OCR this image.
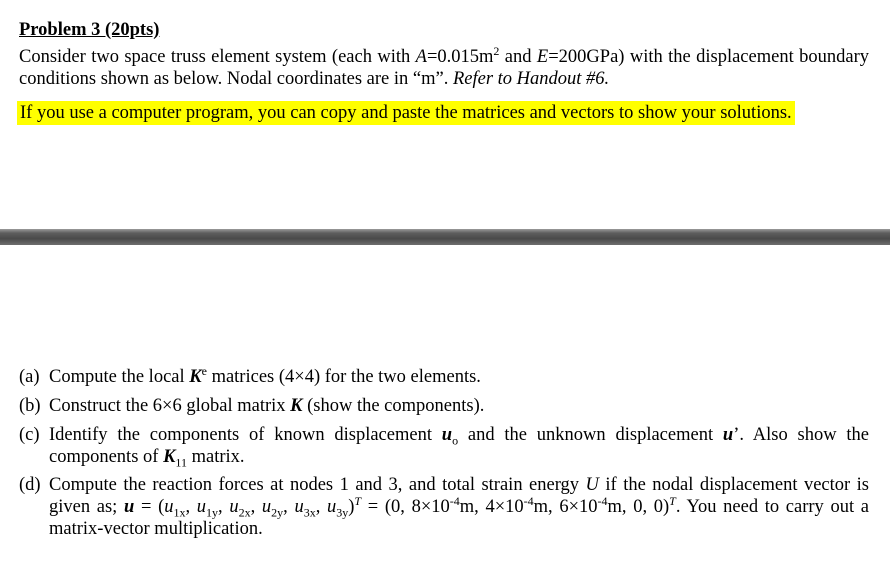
Problem 3 (20pts)
Consider two space truss element system (each with $A=0.015m^2$ and E=200GPa) with the displacement boundary conditions shown as below. Nodal coordinates are in “m”. Refer to Handout #6.
If you use a computer program, you can copy and paste the matrices and vectors to show your solutions.
(a) Compute the local $K^e$ matrices (4×4) for the two elements.
(b) Construct the 6×6 global matrix K (show the components).
(c) Identify the components of known displacement $u_o$ and the unknown displacement u’. Also show the components of $K_{11}$ matrix.
(d) Compute the reaction forces at nodes 1 and 3, and total strain energy U if the nodal displacement vector is given as; $u = (u_{1x}$, $u_{1y}$, $u_{2x}$, $u_{2y}$, $u_{3x}$, $u_{3y})^T = (0$, $8\times 10^{-4}m$, $4\times 10^{-4}m$, $6\times 10^{-4}m$, 0, 0)$^T$. You need to carry out a matrix-vector multiplication.
